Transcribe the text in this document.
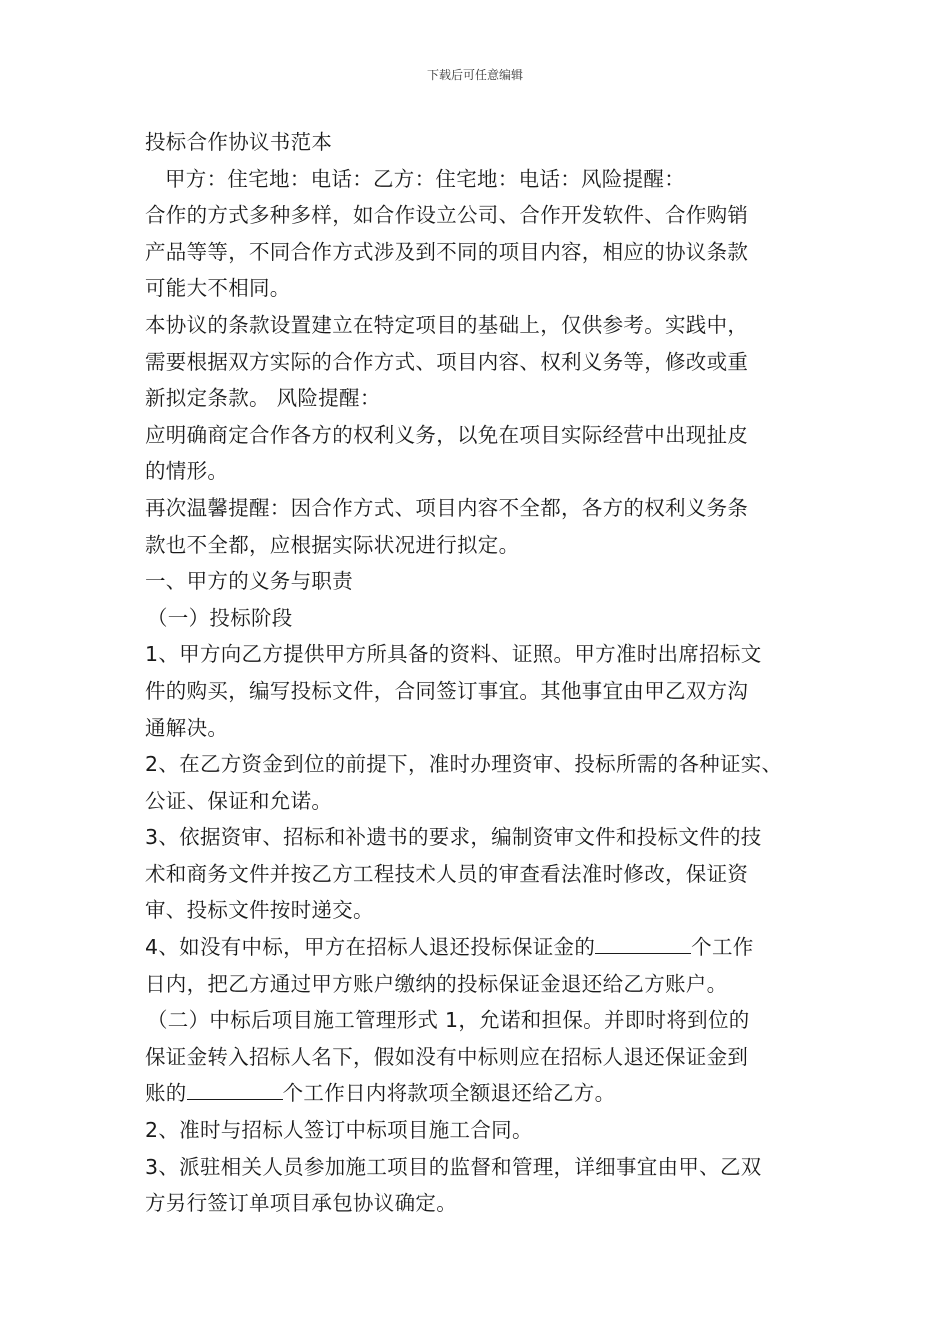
下载后可任意编辑

投标合作协议书范本

甲方：住宅地：电话：乙方：住宅地：电话：风险提醒：

合作的方式多种多样，如合作设立公司、合作开发软件、合作购销

产品等等，不同合作方式涉及到不同的项目内容，相应的协议条款

可能大不相同。

本协议的条款设置建立在特定项目的基础上，仅供参考。实践中，

需要根据双方实际的合作方式、项目内容、权利义务等，修改或重

新拟定条款。 风险提醒：

应明确商定合作各方的权利义务，以免在项目实际经营中出现扯皮

的情形。

再次温馨提醒：因合作方式、项目内容不全都，各方的权利义务条

款也不全都，应根据实际状况进行拟定。

一、甲方的义务与职责

（一）投标阶段

1、甲方向乙方提供甲方所具备的资料、证照。甲方准时出席招标文

件的购买，编写投标文件，合同签订事宜。其他事宜由甲乙双方沟

通解决。

2、在乙方资金到位的前提下，准时办理资审、投标所需的各种证实、

公证、保证和允诺。

3、依据资审、招标和补遗书的要求，编制资审文件和投标文件的技

术和商务文件并按乙方工程技术人员的审查看法准时修改，保证资

审、投标文件按时递交。

4、如没有中标，甲方在招标人退还投标保证金的	个工作

日内，把乙方通过甲方账户缴纳的投标保证金退还给乙方账户。

（二）中标后项目施工管理形式 1，允诺和担保。并即时将到位的

保证金转入招标人名下，假如没有中标则应在招标人退还保证金到

账的	个工作日内将款项全额退还给乙方。

2、准时与招标人签订中标项目施工合同。

3、派驻相关人员参加施工项目的监督和管理，详细事宜由甲、乙双

方另行签订单项目承包协议确定。
